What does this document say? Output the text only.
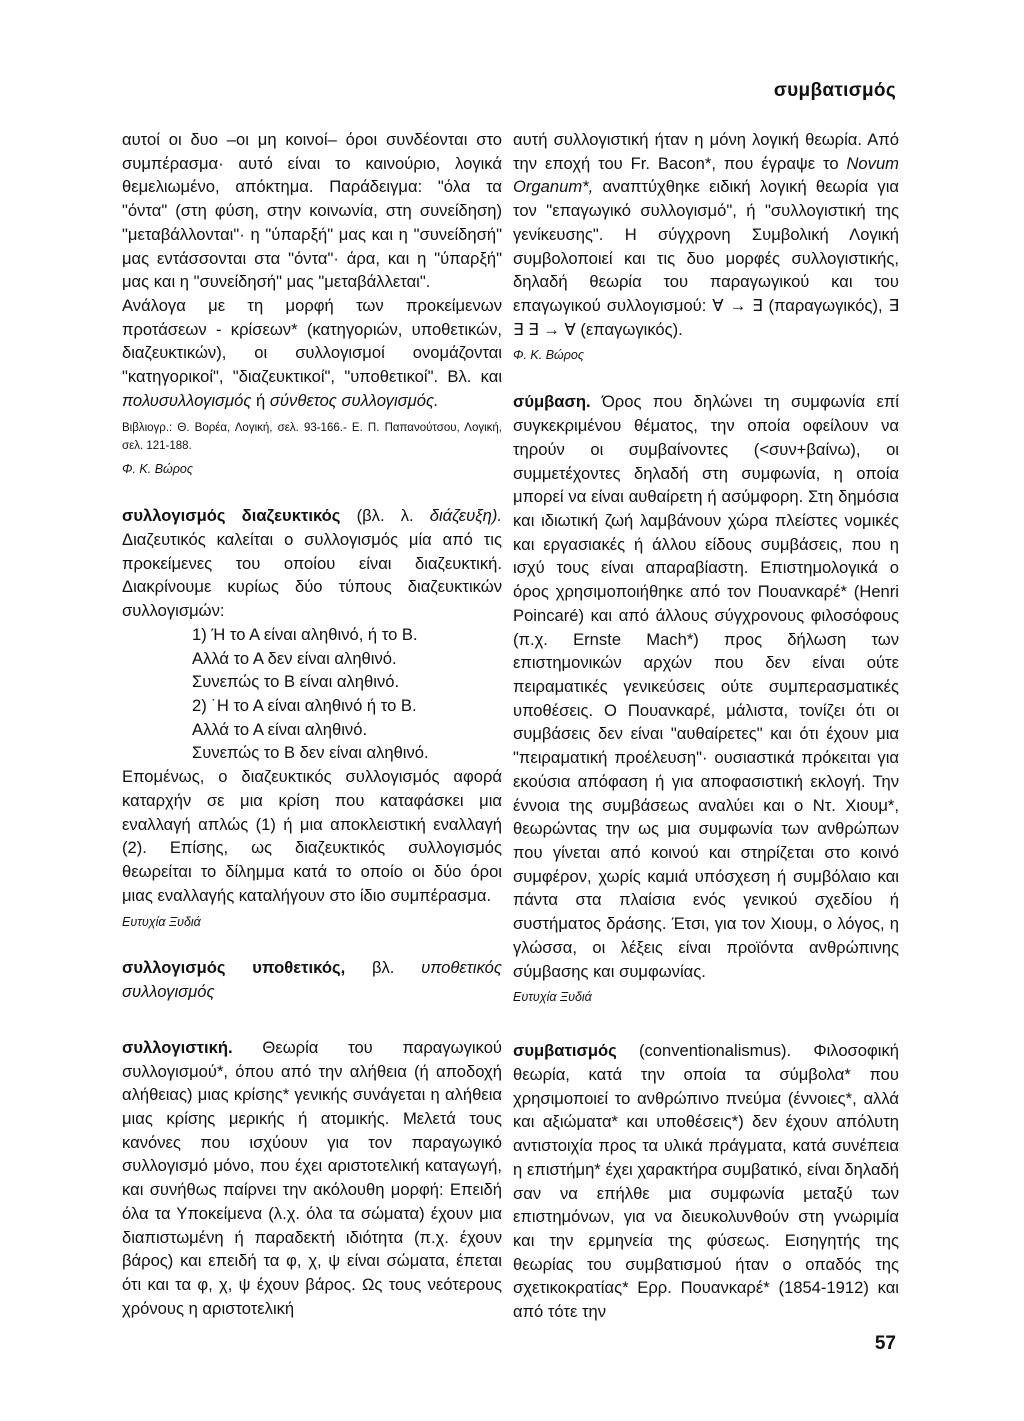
συμβατισμός

αυτοί οι δυο –οι μη κοινοί– όροι συνδέονται στο συμπέρασμα· αυτό είναι το καινούριο, λογικά θεμελιωμένο, απόκτημα. Παράδειγμα: "όλα τα "όντα" (στη φύση, στην κοινωνία, στη συνείδηση) "μεταβάλλονται"· η "ύπαρξή" μας και η "συνείδησή" μας εντάσσονται στα "όντα"· άρα, και η "ύπαρξή" μας και η "συνείδησή" μας "μεταβάλλεται".

Ανάλογα με τη μορφή των προκείμενων προτάσεων - κρίσεων* (κατηγοριών, υποθετικών, διαζευκτικών), οι συλλογισμοί ονομάζονται "κατηγορικοί", "διαζευκτικοί", "υποθετικοί". Βλ. και πολυσυλλογισμός ή σύνθετος συλλογισμός.

Βιβλιογρ.: Θ. Βορέα, Λογική, σελ. 93-166.- Ε. Π. Παπανούτσου, Λογική, σελ. 121-188.

Φ. Κ. Βώρος

συλλογισμός διαζευκτικός (βλ. λ. διάζευξη). Διαζευτικός καλείται ο συλλογισμός μία από τις προκείμενες του οποίου είναι διαζευκτική. Διακρίνουμε κυρίως δύο τύπους διαζευκτικών συλλογισμών:

1) Ή το Α είναι αληθινό, ή το Β.
Αλλά το Α δεν είναι αληθινό.
Συνεπώς το Β είναι αληθινό.
2) ˙Η το Α είναι αληθινό ή το Β.
Αλλά το Α είναι αληθινό.
Συνεπώς το Β δεν είναι αληθινό.

Επομένως, ο διαζευκτικός συλλογισμός αφορά καταρχήν σε μια κρίση που καταφάσκει μια εναλλαγή απλώς (1) ή μια αποκλειστική εναλλαγή (2). Επίσης, ως διαζευκτικός συλλογισμός θεωρείται το δίλημμα κατά το οποίο οι δύο όροι μιας εναλλαγής καταλήγουν στο ίδιο συμπέρασμα.

Ευτυχία Ξυδιά

συλλογισμός υποθετικός, βλ. υποθετικός συλλογισμός

συλλογιστική. Θεωρία του παραγωγικού συλλογισμού*, όπου από την αλήθεια (ή αποδοχή αλήθειας) μιας κρίσης* γενικής συνάγεται η αλήθεια μιας κρίσης μερικής ή ατομικής. Μελετά τους κανόνες που ισχύουν για τον παραγωγικό συλλογισμό μόνο, που έχει αριστοτελική καταγωγή, και συνήθως παίρνει την ακόλουθη μορφή: Επειδή όλα τα Υποκείμενα (λ.χ. όλα τα σώματα) έχουν μια διαπιστωμένη ή παραδεκτή ιδιότητα (π.χ. έχουν βάρος) και επειδή τα φ, χ, ψ είναι σώματα, έπεται ότι και τα φ, χ, ψ έχουν βάρος. Ως τους νεότερους χρόνους η αριστοτελική

αυτή συλλογιστική ήταν η μόνη λογική θεωρία. Από την εποχή του Fr. Bacon*, που έγραψε το Novum Organum*, αναπτύχθηκε ειδική λογική θεωρία για τον "επαγωγικό συλλογισμό", ή "συλλογιστική της γενίκευσης". Η σύγχρονη Συμβολική Λογική συμβολοποιεί και τις δυο μορφές συλλογιστικής, δηλαδή θεωρία του παραγωγικού και του επαγωγικού συλλογισμού: ∀ → ∃ (παραγωγικός), ∃ ∃ ∃ → ∀ (επαγωγικός).

Φ. Κ. Βώρος

σύμβαση. Όρος που δηλώνει τη συμφωνία επί συγκεκριμένου θέματος, την οποία οφείλουν να τηρούν οι συμβαίνοντες (<συν+βαίνω), οι συμμετέχοντες δηλαδή στη συμφωνία, η οποία μπορεί να είναι αυθαίρετη ή ασύμφορη. Στη δημόσια και ιδιωτική ζωή λαμβάνουν χώρα πλείστες νομικές και εργασιακές ή άλλου είδους συμβάσεις, που η ισχύ τους είναι απαραβίαστη. Επιστημολογικά ο όρος χρησιμοποιήθηκε από τον Πουανκαρέ* (Henri Poincaré) και από άλλους σύγχρονους φιλοσόφους (π.χ. Ernste Mach*) προς δήλωση των επιστημονικών αρχών που δεν είναι ούτε πειραματικές γενικεύσεις ούτε συμπερασματικές υποθέσεις. Ο Πουανκαρέ, μάλιστα, τονίζει ότι οι συμβάσεις δεν είναι "αυθαίρετες" και ότι έχουν μια "πειραματική προέλευση"· ουσιαστικά πρόκειται για εκούσια απόφαση ή για αποφασιστική εκλογή. Την έννοια της συμβάσεως αναλύει και ο Ντ. Χιουμ*, θεωρώντας την ως μια συμφωνία των ανθρώπων που γίνεται από κοινού και στηρίζεται στο κοινό συμφέρον, χωρίς καμιά υπόσχεση ή συμβόλαιο και πάντα στα πλαίσια ενός γενικού σχεδίου ή συστήματος δράσης. Έτσι, για τον Χιουμ, ο λόγος, η γλώσσα, οι λέξεις είναι προϊόντα ανθρώπινης σύμβασης και συμφωνίας.

Ευτυχία Ξυδιά

συμβατισμός (conventionalismus). Φιλοσοφική θεωρία, κατά την οποία τα σύμβολα* που χρησιμοποιεί το ανθρώπινο πνεύμα (έννοιες*, αλλά και αξιώματα* και υποθέσεις*) δεν έχουν απόλυτη αντιστοιχία προς τα υλικά πράγματα, κατά συνέπεια η επιστήμη* έχει χαρακτήρα συμβατικό, είναι δηλαδή σαν να επήλθε μια συμφωνία μεταξύ των επιστημόνων, για να διευκολυνθούν στη γνωριμία και την ερμηνεία της φύσεως. Εισηγητής της θεωρίας του συμβατισμού ήταν ο οπαδός της σχετικοκρατίας* Ερρ. Πουανκαρέ* (1854-1912) και από τότε την

57
